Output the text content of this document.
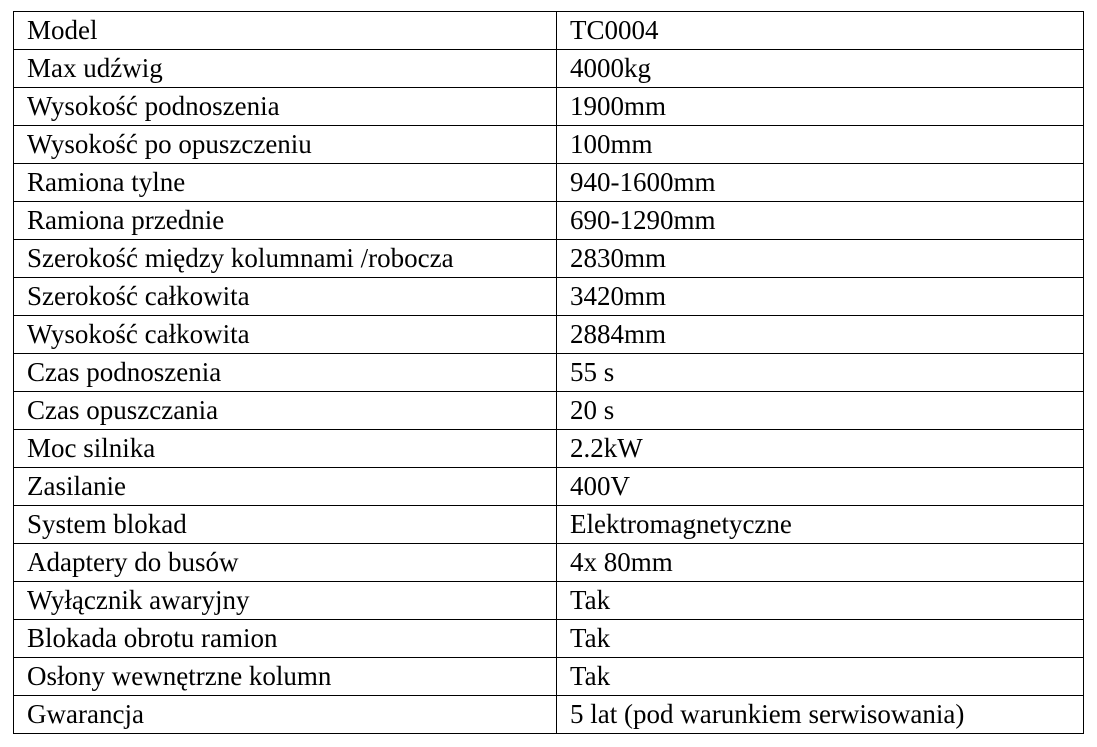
Model	TC0004
Max udźwig	4000kg
Wysokość podnoszenia	1900mm
Wysokość po opuszczeniu	100mm
Ramiona tylne	940-1600mm
Ramiona przednie	690-1290mm
Szerokość między kolumnami /robocza	2830mm
Szerokość całkowita	3420mm
Wysokość całkowita	2884mm
Czas podnoszenia	55 s
Czas opuszczania	20 s
Moc silnika	2.2kW
Zasilanie	400V
System blokad	Elektromagnetyczne
Adaptery do busów	4x 80mm
Wyłącznik awaryjny	Tak
Blokada obrotu ramion	Tak
Osłony wewnętrzne kolumn	Tak
Gwarancja	5 lat (pod warunkiem serwisowania)
